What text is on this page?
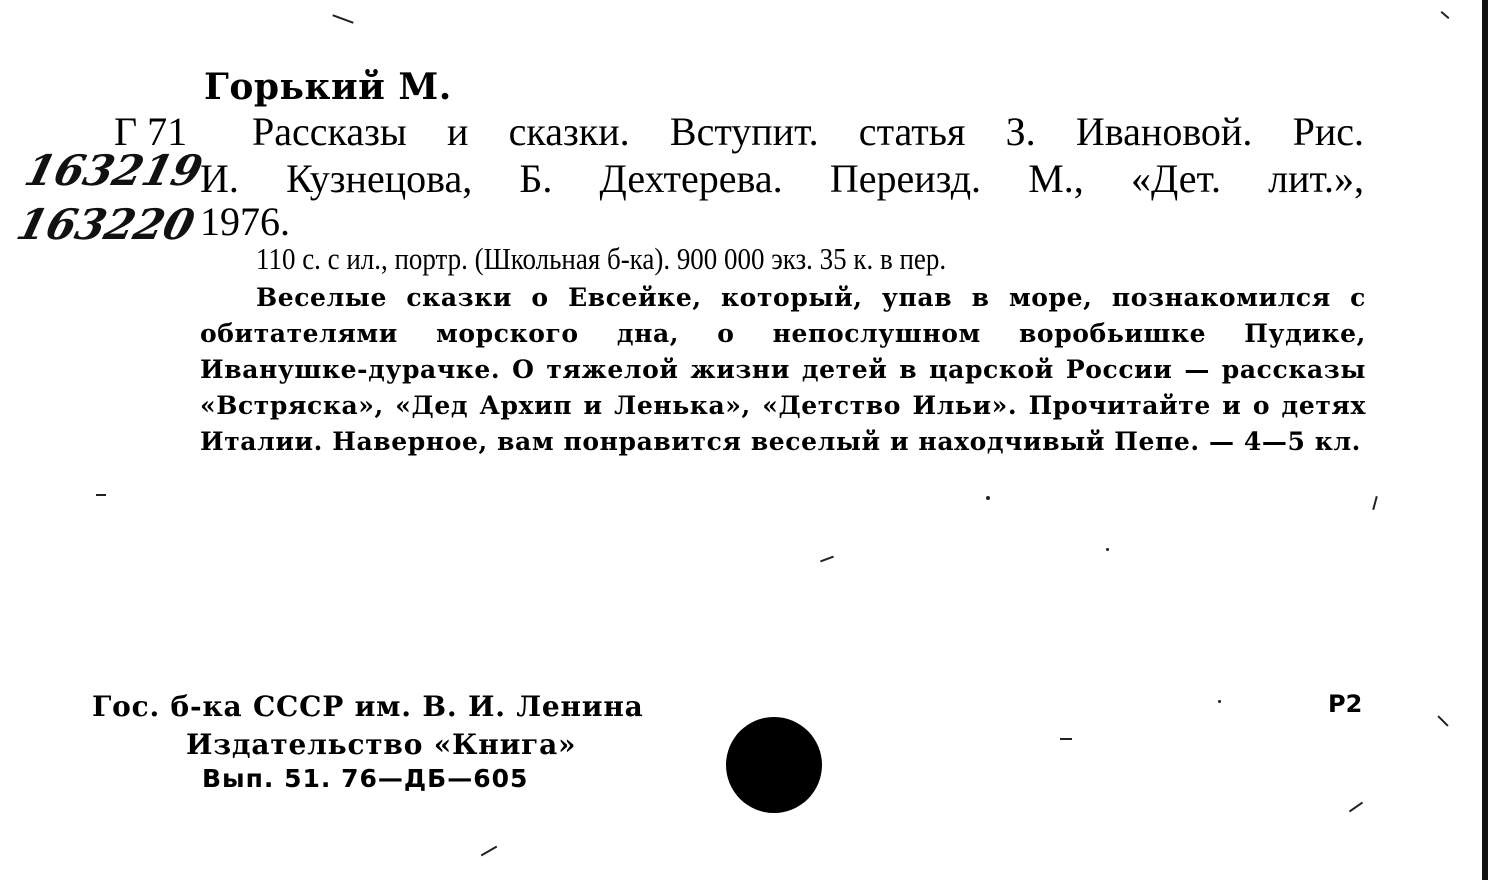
Горький М.
Г 71 Рассказы и сказки. Вступит. статья З. Ивановой. Рис.
И. Кузнецова, Б. Дехтерева. Переизд. М., «Дет. лит.»,
1976.
110 с. с ил., портр. (Школьная б-ка). 900 000 экз. 35 к. в пер.
Веселые сказки о Евсейке, который, упав в море, познакомился с обитателями морского дна, о непослушном воробьишке Пудике, Иванушке-дурачке. О тяжелой жизни детей в царской России — рассказы «Встряска», «Дед Архип и Ленька», «Детство Ильи». Прочитайте и о детях Италии. Наверное, вам понравится веселый и находчивый Пепе. — 4—5 кл.
163219
163220
Гос. б-ка СССР им. В. И. Ленина
Издательство «Книга»
Вып. 51. 76—ДБ—605
Р2
